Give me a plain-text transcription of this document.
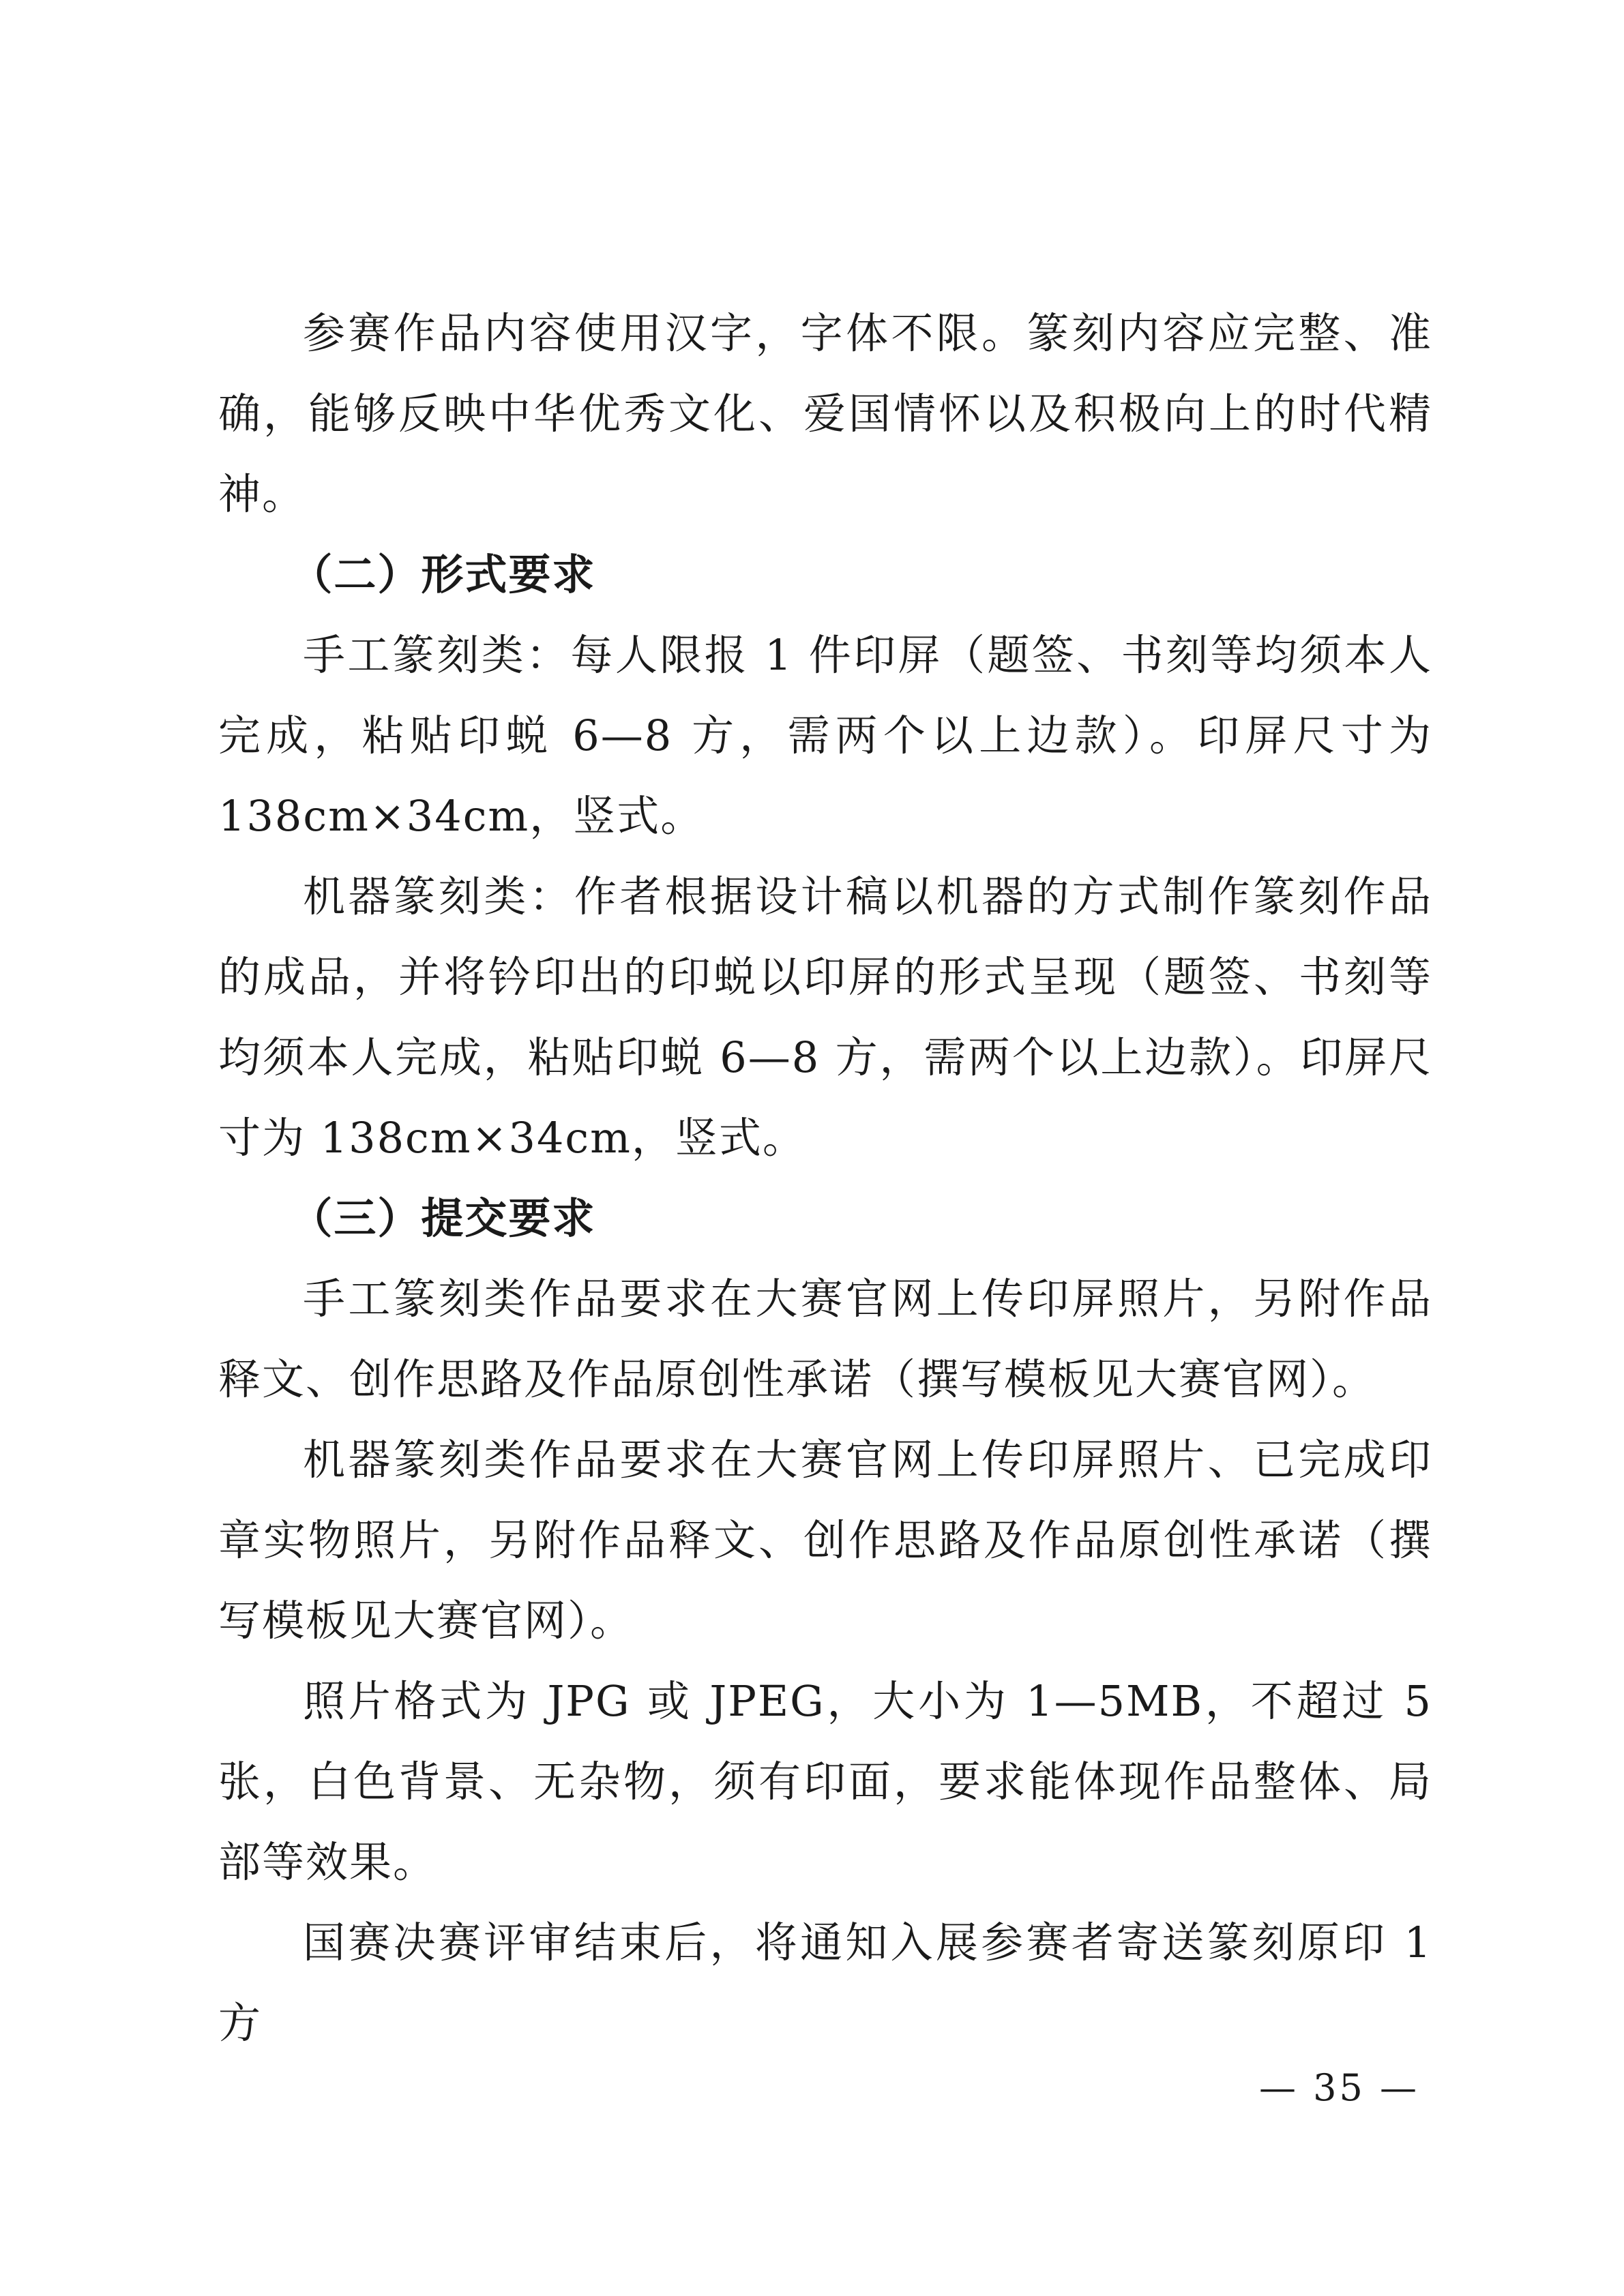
参赛作品内容使用汉字，字体不限。篆刻内容应完整、准确，能够反映中华优秀文化、爱国情怀以及积极向上的时代精神。

（二）形式要求

手工篆刻类：每人限报 1 件印屏（题签、书刻等均须本人完成，粘贴印蜕 6—8 方，需两个以上边款）。印屏尺寸为 138cm×34cm，竖式。

机器篆刻类：作者根据设计稿以机器的方式制作篆刻作品的成品，并将钤印出的印蜕以印屏的形式呈现（题签、书刻等均须本人完成，粘贴印蜕 6—8 方，需两个以上边款）。印屏尺寸为 138cm×34cm，竖式。

（三）提交要求

手工篆刻类作品要求在大赛官网上传印屏照片，另附作品释文、创作思路及作品原创性承诺（撰写模板见大赛官网）。

机器篆刻类作品要求在大赛官网上传印屏照片、已完成印章实物照片，另附作品释文、创作思路及作品原创性承诺（撰写模板见大赛官网）。

照片格式为 JPG 或 JPEG，大小为 1—5MB，不超过 5 张，白色背景、无杂物，须有印面，要求能体现作品整体、局部等效果。

国赛决赛评审结束后，将通知入展参赛者寄送篆刻原印 1 方

— 35 —
